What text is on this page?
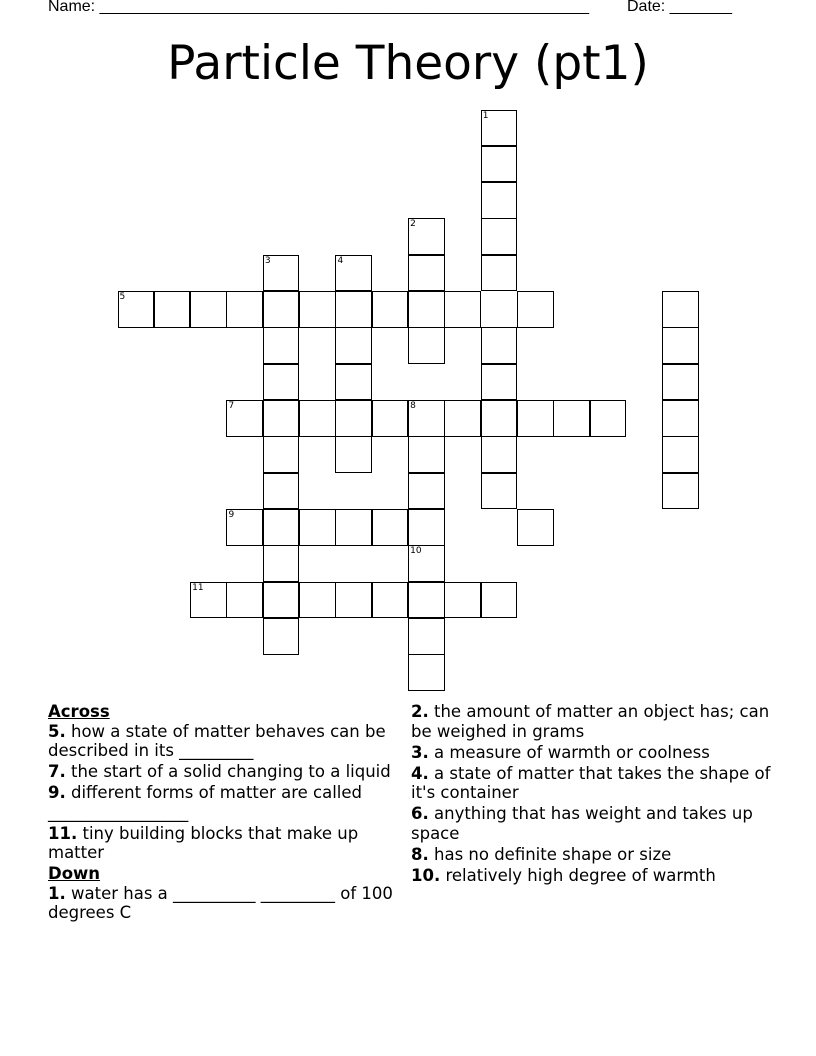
Name: _______________________________________________________ Date: _______
Particle Theory (pt1)
1
2
3	4
5
7	8
9
10
11

Across

5. how a state of matter behaves can be described in its _________

7. the start of a solid changing to a liquid

9. different forms of matter are called _________________

11. tiny building blocks that make up matter

Down

1. water has a __________ _________ of 100 degrees C

2. the amount of matter an object has; can be weighed in grams

3. a measure of warmth or coolness

4. a state of matter that takes the shape of it's container

6. anything that has weight and takes up space

8. has no definite shape or size

10. relatively high degree of warmth
